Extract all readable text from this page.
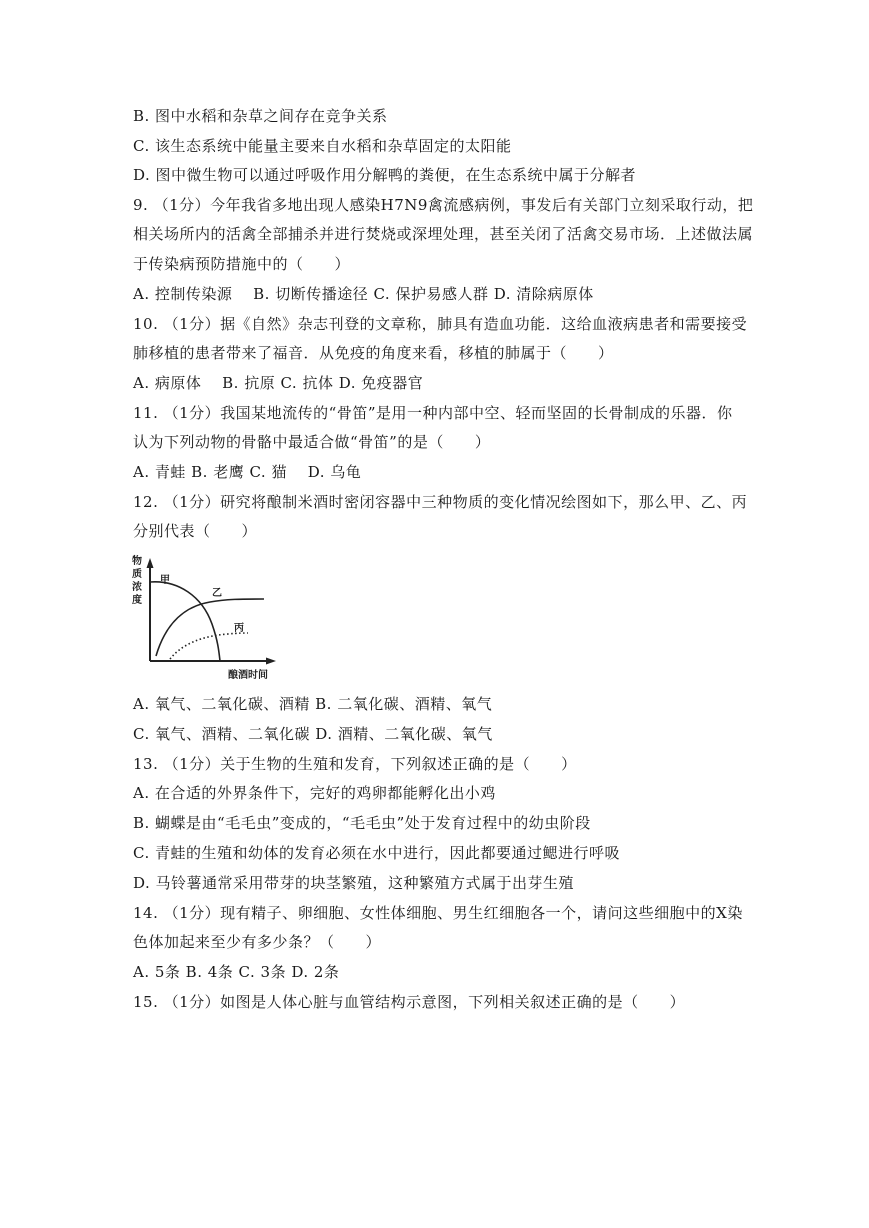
B. 图中水稻和杂草之间存在竞争关系
C. 该生态系统中能量主要来自水稻和杂草固定的太阳能
D. 图中微生物可以通过呼吸作用分解鸭的粪便，在生态系统中属于分解者
9. （1分）今年我省多地出现人感染H7N9禽流感病例，事发后有关部门立刻采取行动，把
相关场所内的活禽全部捕杀并进行焚烧或深埋处理，甚至关闭了活禽交易市场．上述做法属
于传染病预防措施中的（　　）
A. 控制传染源　 B. 切断传播途径 C. 保护易感人群 D. 清除病原体
10. （1分）据《自然》杂志刊登的文章称，肺具有造血功能．这给血液病患者和需要接受
肺移植的患者带来了福音．从免疫的角度来看，移植的肺属于（　　）
A. 病原体　 B. 抗原 C. 抗体 D. 免疫器官
11. （1分）我国某地流传的“骨笛”是用一种内部中空、轻而坚固的长骨制成的乐器．你
认为下列动物的骨骼中最适合做“骨笛”的是（　　）
A. 青蛙 B. 老鹰 C. 猫　 D. 乌龟
12. （1分）研究将酿制米酒时密闭容器中三种物质的变化情况绘图如下，那么甲、乙、丙
分别代表（　　）
物
质
浓
度
酿酒时间
甲
乙
丙
A. 氧气、二氧化碳、酒精 B. 二氧化碳、酒精、氧气
C. 氧气、酒精、二氧化碳 D. 酒精、二氧化碳、氧气
13. （1分）关于生物的生殖和发育，下列叙述正确的是（　　）
A. 在合适的外界条件下，完好的鸡卵都能孵化出小鸡
B. 蝴蝶是由“毛毛虫”变成的，“毛毛虫”处于发育过程中的幼虫阶段
C. 青蛙的生殖和幼体的发育必须在水中进行，因此都要通过鳃进行呼吸
D. 马铃薯通常采用带芽的块茎繁殖，这种繁殖方式属于出芽生殖
14. （1分）现有精子、卵细胞、女性体细胞、男生红细胞各一个，请问这些细胞中的X染
色体加起来至少有多少条？（　　）
A. 5条 B. 4条 C. 3条 D. 2条
15. （1分）如图是人体心脏与血管结构示意图，下列相关叙述正确的是（　　）
